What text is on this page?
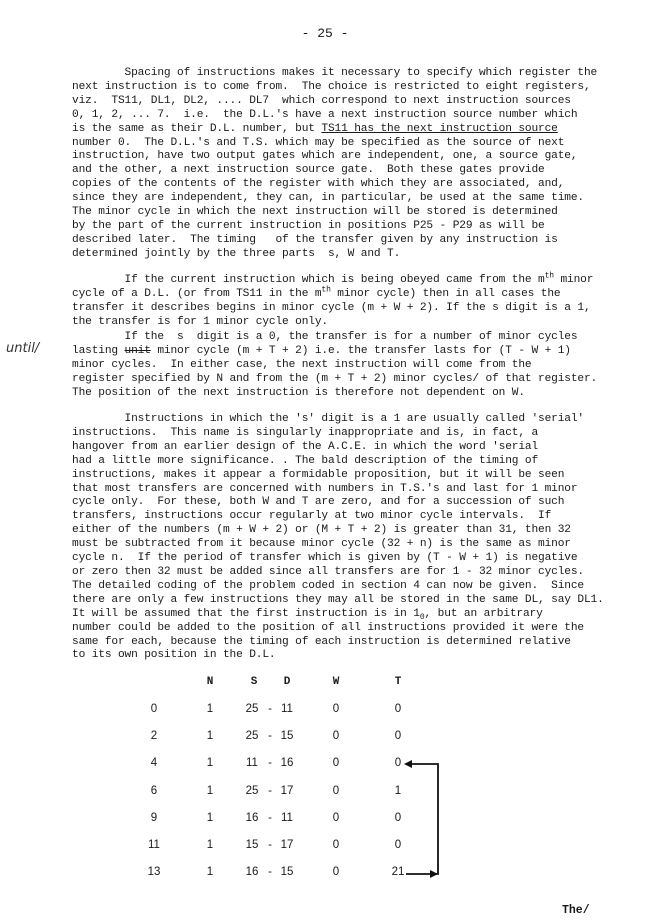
- 25 -
Spacing of instructions makes it necessary to specify which register the
next instruction is to come from.  The choice is restricted to eight registers,
viz.  TS11, DL1, DL2, .... DL7  which correspond to next instruction sources
0, 1, 2, ... 7.  i.e.  the D.L.'s have a next instruction source number which
is the same as their D.L. number, but TS11 has the next instruction source
number 0.  The D.L.'s and T.S. which may be specified as the source of next
instruction, have two output gates which are independent, one, a source gate,
and the other, a next instruction source gate.  Both these gates provide
copies of the contents of the register with which they are associated, and,
since they are independent, they can, in particular, be used at the same time.
The minor cycle in which the next instruction will be stored is determined
by the part of the current instruction in positions P25 - P29 as will be
described later.  The timing   of the transfer given by any instruction is
determined jointly by the three parts  s, W and T.
If the current instruction which is being obeyed came from the $m^{th}$ minor
cycle of a D.L. (or from TS11 in the $m^{th}$ minor cycle) then in all cases the
transfer it describes begins in minor cycle (m + W + 2). If the s digit is a 1,
the transfer is for 1 minor cycle only.
until/
If the  s  digit is a 0, the transfer is for a number of minor cycles
lasting unit minor cycle (m + T + 2) i.e. the transfer lasts for (T - W + 1)
minor cycles.  In either case, the next instruction will come from the
register specified by N and from the (m + T + 2) minor cycles/ of that register.
The position of the next instruction is therefore not dependent on W.
Instructions in which the 's' digit is a 1 are usually called 'serial'
instructions.  This name is singularly inappropriate and is, in fact, a
hangover from an earlier design of the A.C.E. in which the word 'serial
had a little more significance. . The bald description of the timing of
instructions, makes it appear a formidable proposition, but it will be seen
that most transfers are concerned with numbers in T.S.'s and last for 1 minor
cycle only.  For these, both W and T are zero, and for a succession of such
transfers, instructions occur regularly at two minor cycle intervals.  If
either of the numbers (m + W + 2) or (M + T + 2) is greater than 31, then 32
must be subtracted from it because minor cycle (32 + n) is the same as minor
cycle n.  If the period of transfer which is given by (T - W + 1) is negative
or zero then 32 must be added since all transfers are for 1 - 32 minor cycles.
The detailed coding of the problem coded in section 4 can now be given.  Since
there are only a few instructions they may all be stored in the same DL, say DL1.
It will be assumed that the first instruction is in $1_0$, but an arbitrary
number could be added to the position of all instructions provided it were the
same for each, because the timing of each instruction is determined relative
to its own position in the D.L.
N	S	D	W	T
0	1	25 - 11	0	0
2	1	25 - 15	0	0
4	1	11 - 16	0	0
6	1	25 - 17	0	1
9	1	16 - 11	0	0
11	1	15 - 17	0	0
13	1	16 - 15	0	21
The/
